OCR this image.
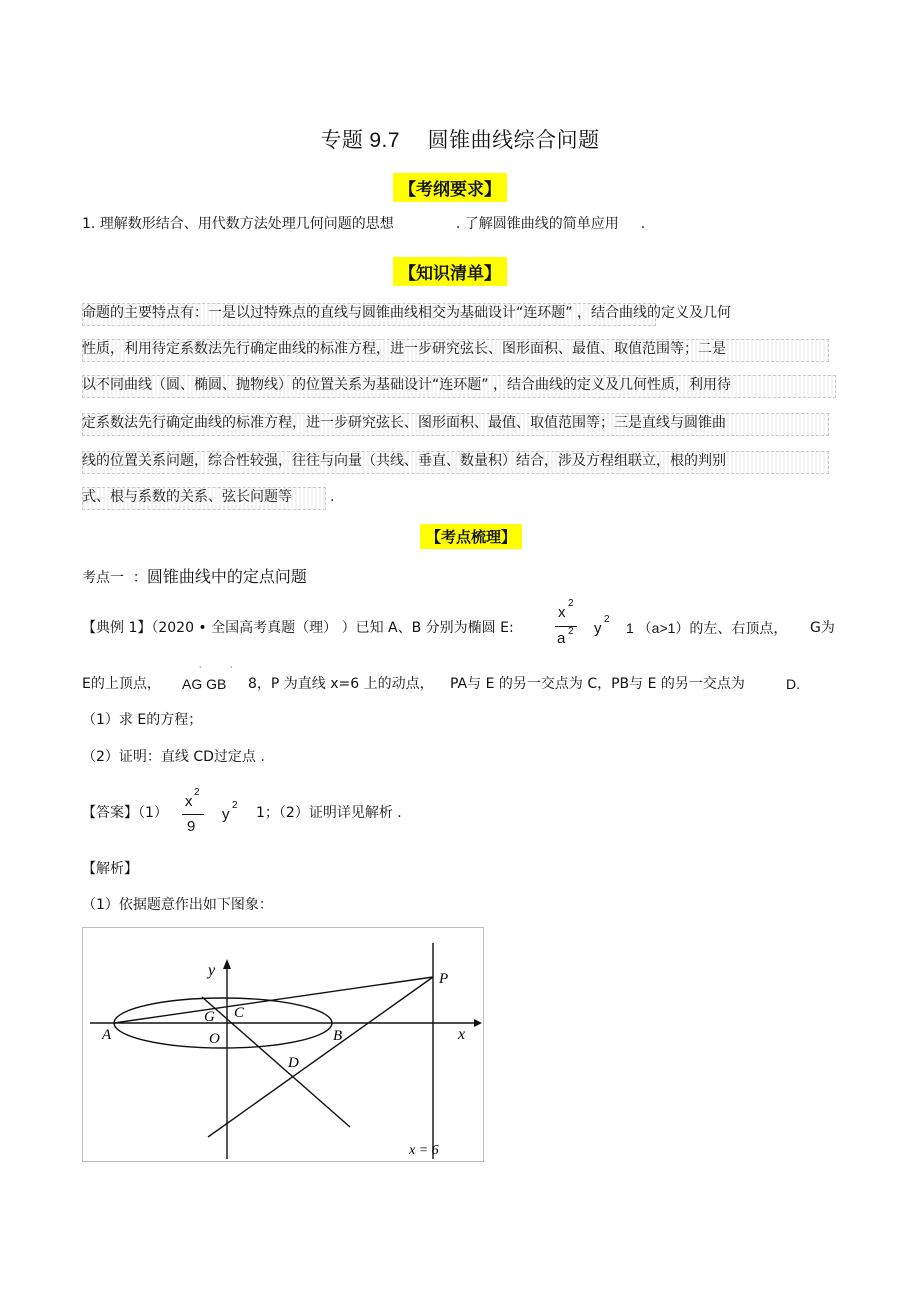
专题 9.7 圆锥曲线综合问题
【考纲要求】
1. 理解数形结合、用代数方法处理几何问题的思想	. 了解圆锥曲线的简单应用 .
【知识清单】
命题的主要特点有：一是以过特殊点的直线与圆锥曲线相交为基础设计“连环题” ，结合曲线的定义及几何
性质，利用待定系数法先行确定曲线的标准方程，进一步研究弦长、图形面积、最值、取值范围等；二是
以不同曲线（圆、椭圆、抛物线）的位置关系为基础设计“连环题” ，结合曲线的定义及几何性质，利用待
定系数法先行确定曲线的标准方程，进一步研究弦长、图形面积、最值、取值范围等；三是直线与圆锥曲
线的位置关系问题，综合性较强，往往与向量（共线、垂直、数量积）结合，涉及方程组联立，根的判别
式、根与系数的关系、弦长问题等	.
【考点梳理】
考点一 ：圆锥曲线中的定点问题
【典例 1】（2020 • 全国高考真题（理） ）已知 A、B 分别为椭圆 E:
x
2
a 2 y
2
1 （a>1）的左、右顶点， G为
E的上顶点， AG GB
˙          ˙
8，P 为直线 x=6 上的动点， PA与 E 的另一交点为 C，PB与 E 的另一交点为	D.
（1）求 E的方程；
（2）证明：直线 CD过定点 .
【答案】（1）
x
2
9
y
2 1；（2）证明详见解析 .
【解析】
（1）依据题意作出如下图象：
y
x
O
A	B
C
G
D
P
x = 6
